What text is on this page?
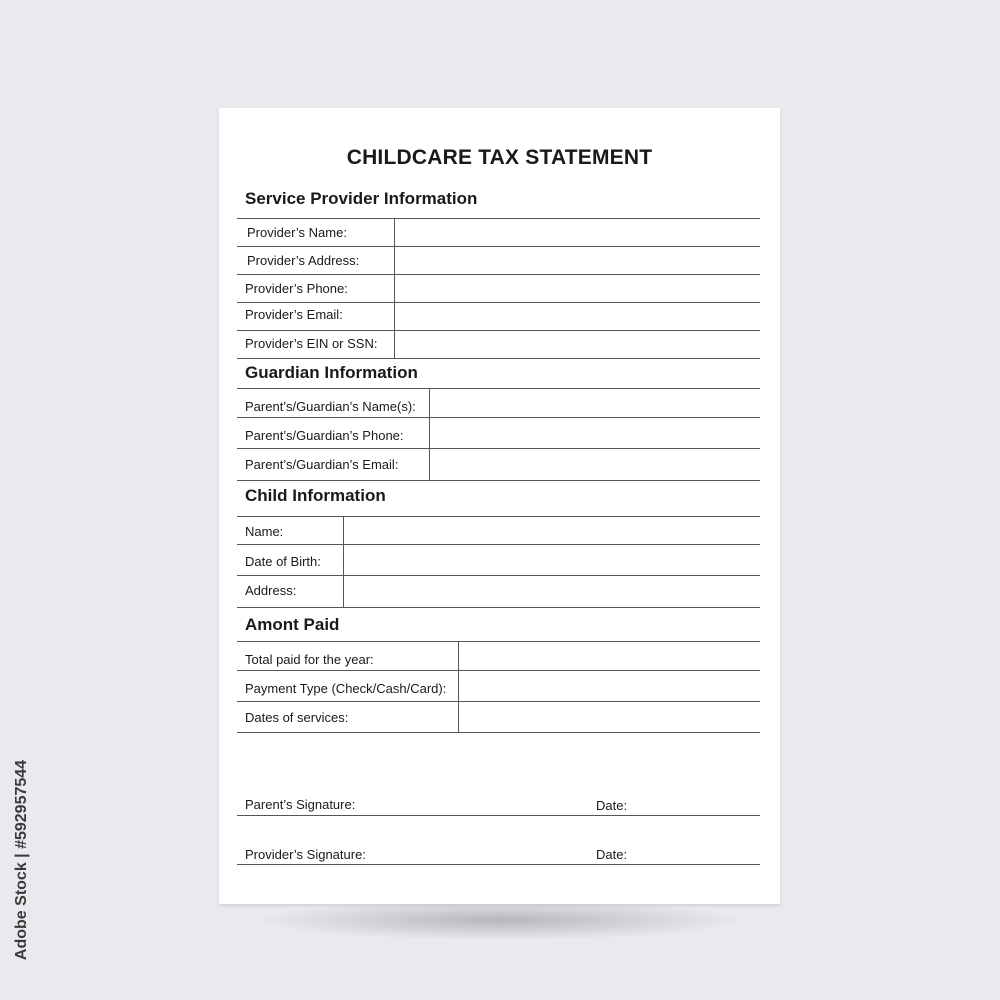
CHILDCARE TAX STATEMENT
Service Provider Information
Provider’s Name:
Provider’s Address:
Provider’s Phone:
Provider’s Email:
Provider’s EIN or SSN:
Guardian Information
Parent’s/Guardian’s Name(s):
Parent’s/Guardian’s Phone:
Parent’s/Guardian’s Email:
Child Information
Name:
Date of Birth:
Address:
Amont Paid
Total paid for the year:
Payment Type (Check/Cash/Card):
Dates of services:
Parent’s Signature:	Date:
Provider’s Signature:	Date:
Adobe Stock | #592957544
